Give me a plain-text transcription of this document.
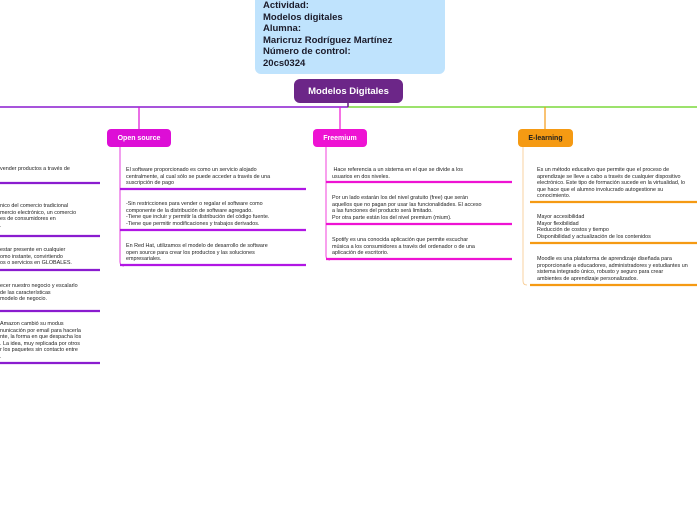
Actividad:
Modelos digitales
Alumna:
Maricruz Rodríguez Martínez
Número de control:
20cs0324
Modelos Digitales
Open source	Freemium	E-learning
vender productos a través de
nico del comercio tradicional
mercio electrónico, un comercio
es de consumidores en
.
estar presente en cualquier
omo instante, convirtiendo
os o servicios en GLOBALES.
ecer nuestro negocio y escalarlo
de las características
modelo de negocio.
Amazon cambió su modus
nunicación por email para hacerla
nte, la forma en que despacha los
. La idea, muy replicada por otros
r los paquetes sin contacto entre
.
El software proporcionado es como un servicio alojado
centralmente, al cual sólo se puede acceder a través de una
suscripción de pago
-Sin restricciones para vender o regalar el software como
componente de la distribución de software agregado.
-Tiene que incluir y permitir la distribución del código fuente.
-Tiene que permitir modificaciones y trabajos derivados.
En Red Hat, utilizamos el modelo de desarrollo de software
open source para crear los productos y las soluciones
empresariales.
Hace referencia a un sistema en el que se divide a los
usuarios en dos niveles.
Por un lado estarán los del nivel gratuito (free) que serán
aquellos que no pagan por usar las funcionalidades. El acceso
a las funciones del producto será limitado.
Por otra parte están los del nivel premium (mium).
Spotify es una conocida aplicación que permite escuchar
música a los consumidores a través del ordenador o de una
aplicación de escritorio.
Es un método educativo que permite que el proceso de
aprendizaje se lleve a cabo a través de cualquier dispositivo
electrónico. Este tipo de formación sucede en la virtualidad, lo
que hace que el alumno involucrado autogestione su
conocimiento.
Mayor accesibilidad
Mayor flexibilidad
Reducción de costos y tiempo
Disponibilidad y actualización de los contenidos
Moodle es una plataforma de aprendizaje diseñada para
proporcionarle a educadores, administradores y estudiantes un
sistema integrado único, robusto y seguro para crear
ambientes de aprendizaje personalizados.
